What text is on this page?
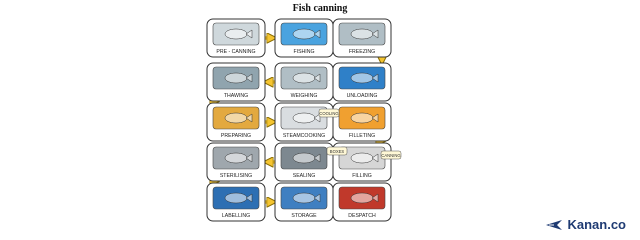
Fish canning
PRE - CANNING	FISHING	FREEZING
THAWING	WEIGHING	UNLOADING
PREPARING	STEAMCOOKING	FILLETING
STERILISING	SEALING	FILLING
LABELLING	STORAGE	DESPATCH
COOLING
CANNING
BOXES
Kanan.co
